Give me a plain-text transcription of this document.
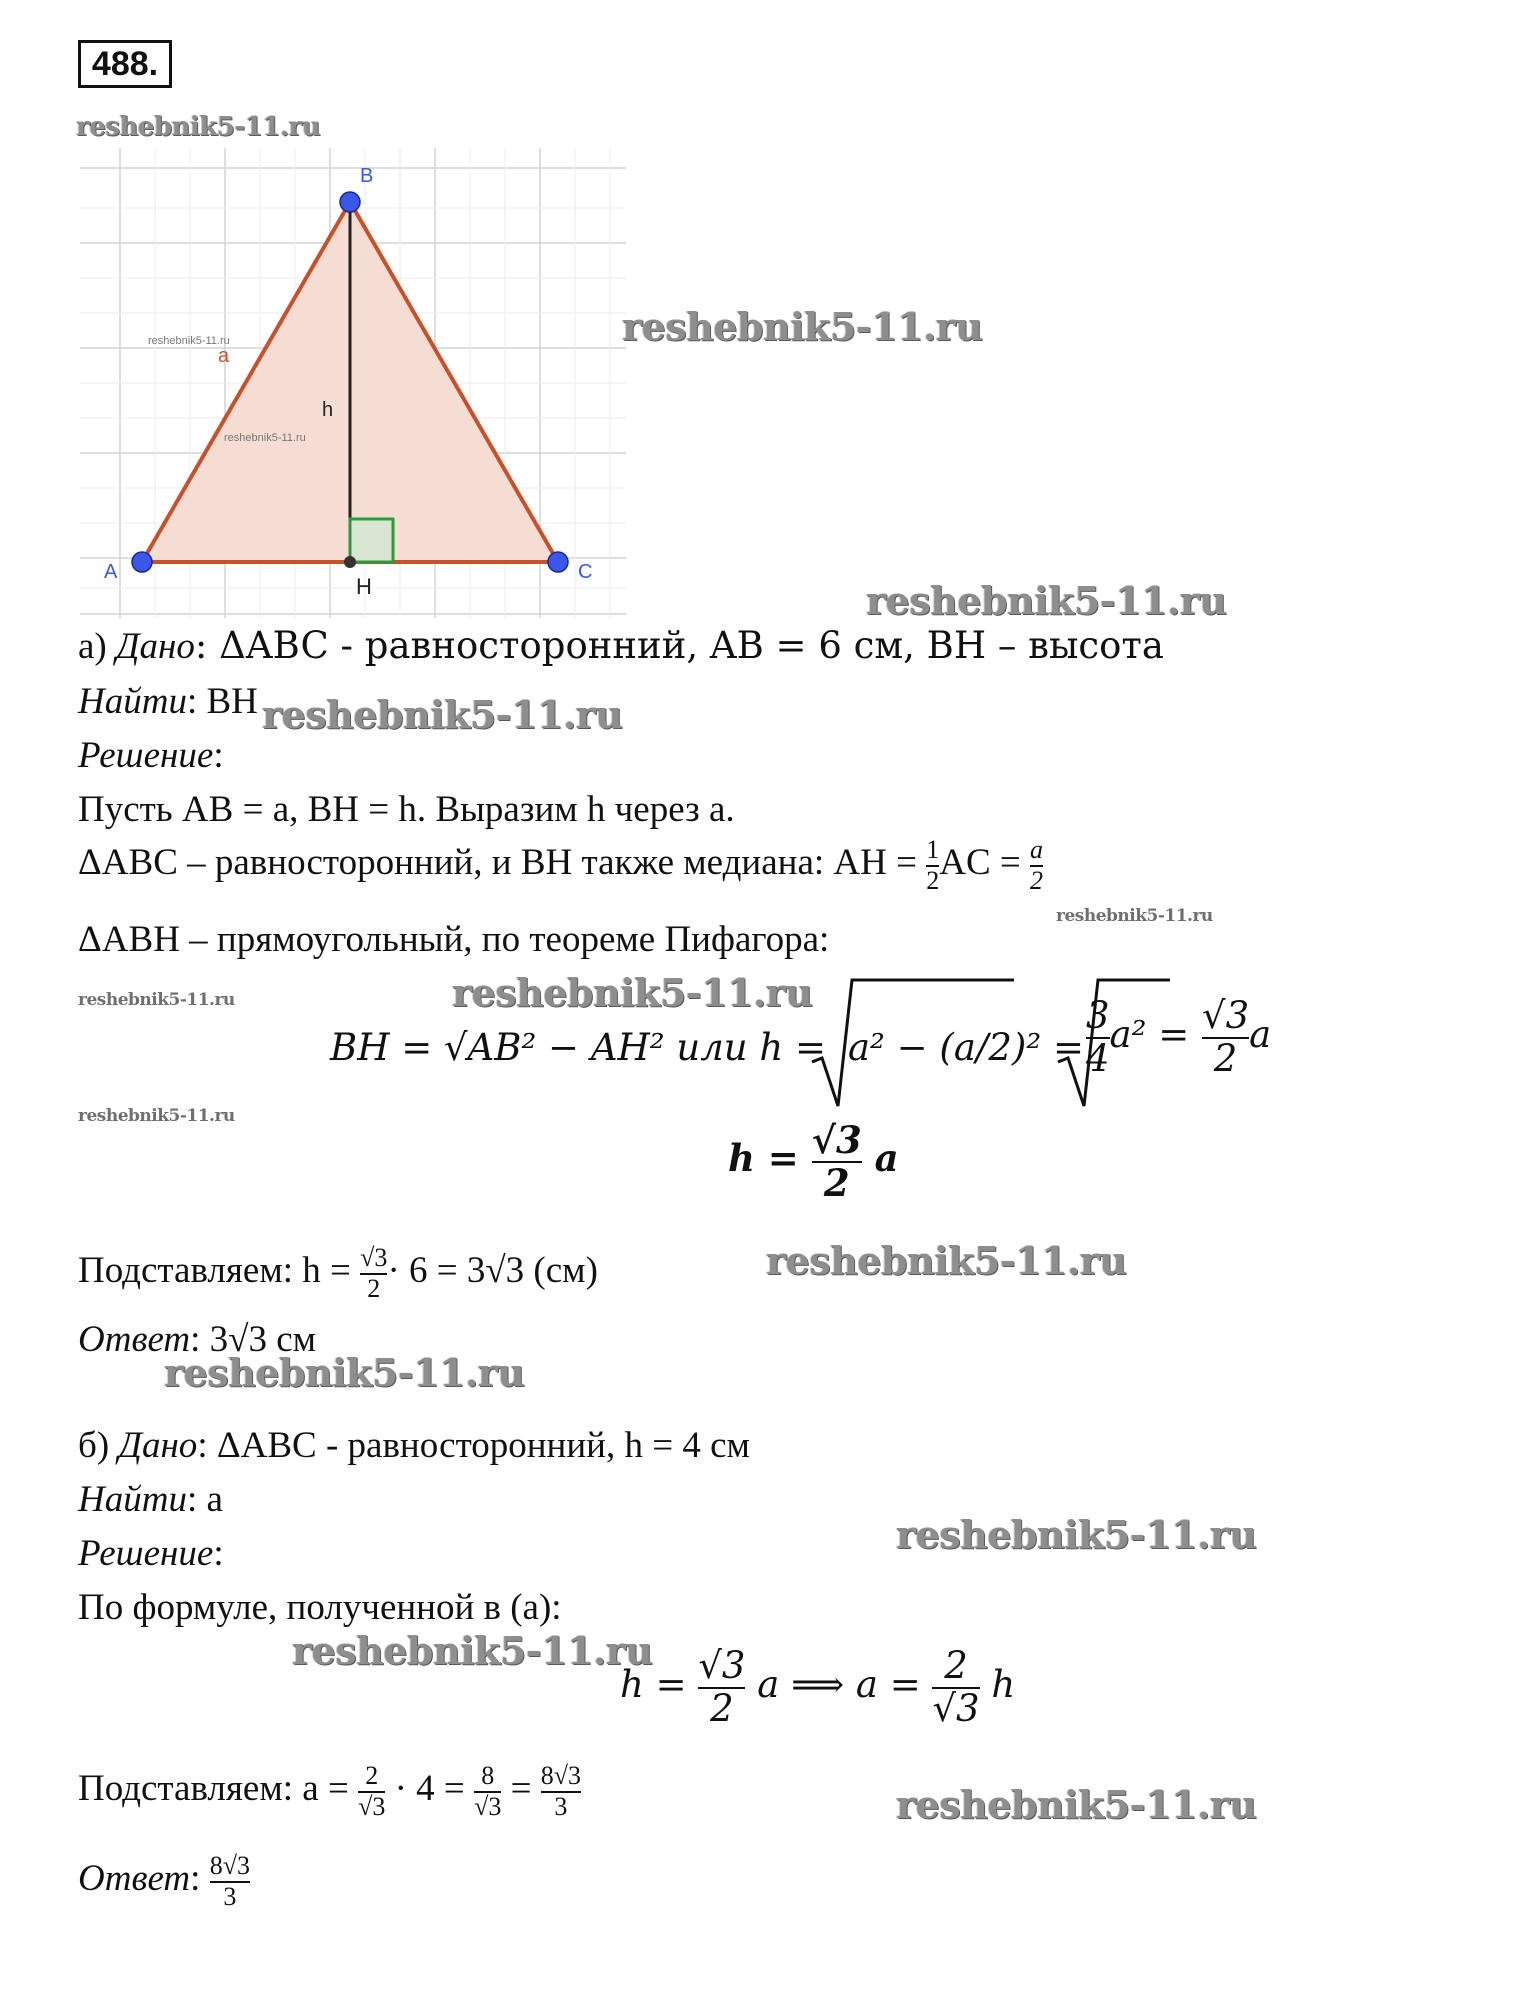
488.
reshebnik5-11.ru
reshebnik5-11.ru
reshebnik5-11.ru
reshebnik5-11.ru
reshebnik5-11.ru
reshebnik5-11.ru
reshebnik5-11.ru
reshebnik5-11.ru
reshebnik5-11.ru
reshebnik5-11.ru
reshebnik5-11.ru
reshebnik5-11.ru
reshebnik5-11.ru
A
B
C
H
a
h
reshebnik5-11.ru
reshebnik5-11.ru
а) Дано: ΔABC - равносторонний, AB = 6 см, BH – высота
Найти: BH
Решение:
Пусть AB = a, BH = h. Выразим h через a.
ΔABC – равносторонний, и BH также медиана: AH = $\frac{1}{2}$ AC = $\frac{a}{2}$
ΔABH – прямоугольный, по теореме Пифагора:
BH = √AB² − AH² или $h = a^2 - (a/2)^2 = \frac{3}{4} a^2 = \frac{√3}{2}$ a
$h = \frac{√3}{2}$ a
Подставляем: $h = \frac{√3}{2} \cdot 6 = 3√3$ (см)
Ответ: 3√3 см
б) Дано: ΔABC - равносторонний, h = 4 см
Найти: a
Решение:
По формуле, полученной в (а):
$h = \frac{√3}{2}$ a ⟹ $a = \frac{2}{√3}$ h
Подставляем: $a = \frac{2}{√3} \cdot 4 = \frac{8}{√3} = \frac{8√3}{3}$
Ответ: $\frac{8√3}{3}$
